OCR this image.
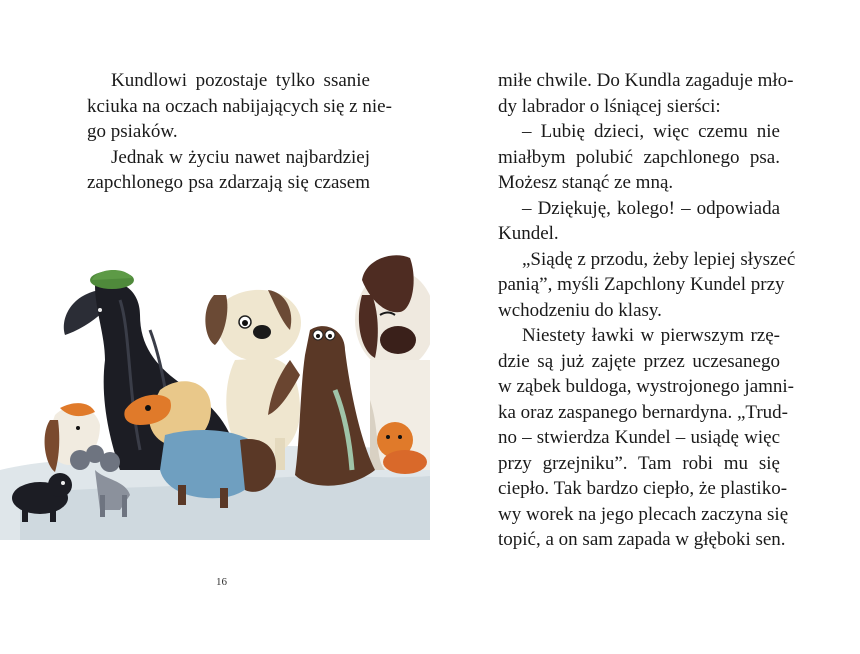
Kundlowi pozostaje tylko ssanie
kciuka na oczach nabijających się z nie-
go psiaków.

Jednak w życiu nawet najbardziej
zapchlonego psa zdarzają się czasem

16

miłe chwile. Do Kundla zagaduje mło-
dy labrador o lśniącej sierści:

– Lubię dzieci, więc czemu nie
miałbym polubić zapchlonego psa.
Możesz stanąć ze mną.

– Dziękuję, kolego! – odpowiada
Kundel.

„Siądę z przodu, żeby lepiej słyszeć
panią”, myśli Zapchlony Kundel przy
wchodzeniu do klasy.

Niestety ławki w pierwszym rzę-
dzie są już zajęte przez uczesanego
w ząbek buldoga, wystrojonego jamni-
ka oraz zaspanego bernardyna. „Trud-
no – stwierdza Kundel – usiądę więc
przy grzejniku”. Tam robi mu się
ciepło. Tak bardzo ciepło, że plastiko-
wy worek na jego plecach zaczyna się
topić, a on sam zapada w głęboki sen.
